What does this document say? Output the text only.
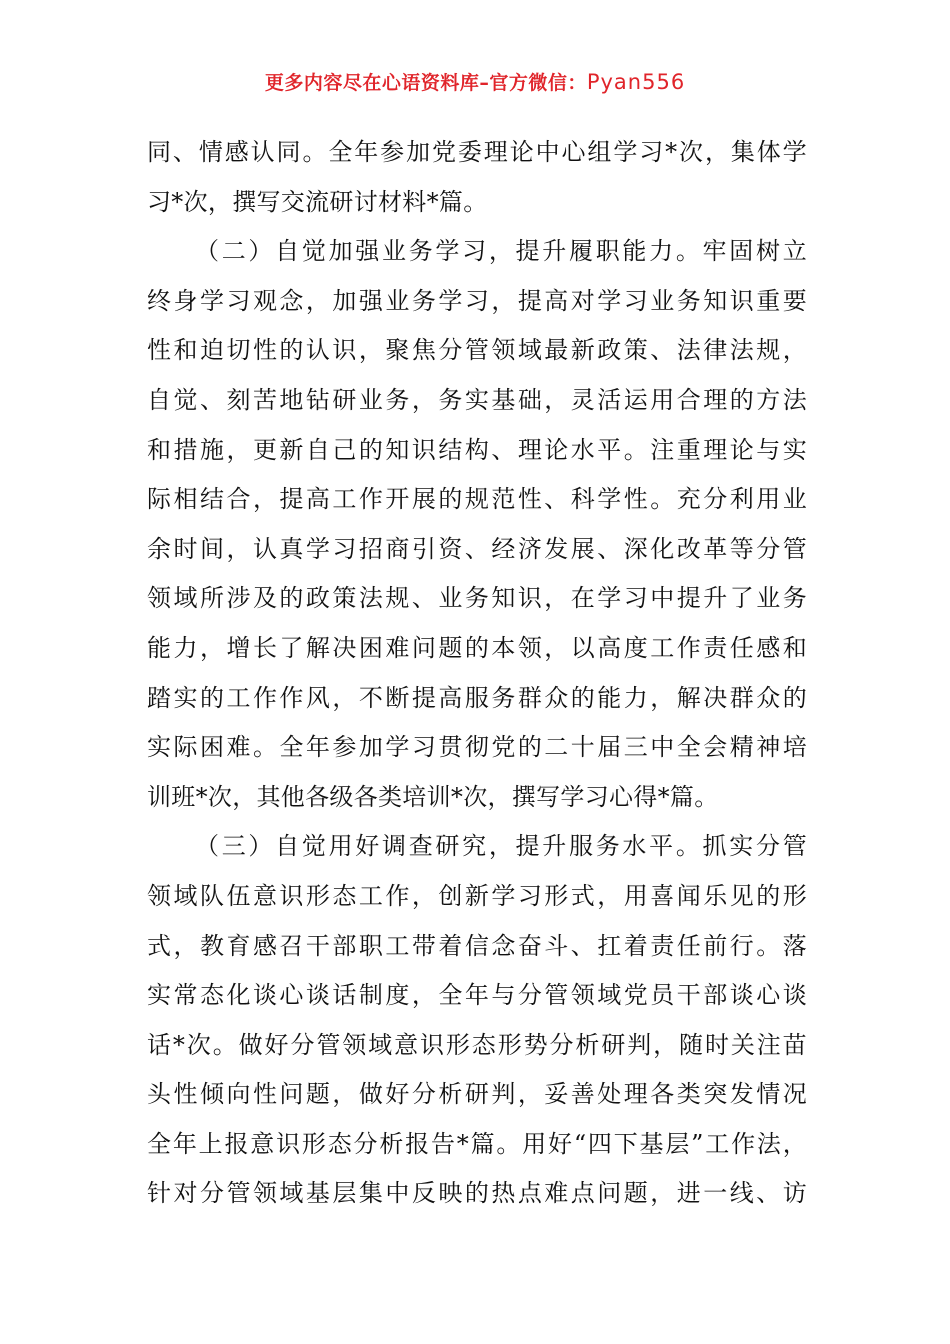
更多内容尽在心语资料库–官方微信：Pyan556
同、情感认同。全年参加党委理论中心组学习*次，集体学
习*次，撰写交流研讨材料*篇。
（二）自觉加强业务学习，提升履职能力。牢固树立
终身学习观念，加强业务学习，提高对学习业务知识重要
性和迫切性的认识，聚焦分管领域最新政策、法律法规，
自觉、刻苦地钻研业务，务实基础，灵活运用合理的方法
和措施，更新自己的知识结构、理论水平。注重理论与实
际相结合，提高工作开展的规范性、科学性。充分利用业
余时间，认真学习招商引资、经济发展、深化改革等分管
领域所涉及的政策法规、业务知识，在学习中提升了业务
能力，增长了解决困难问题的本领，以高度工作责任感和
踏实的工作作风，不断提高服务群众的能力，解决群众的
实际困难。全年参加学习贯彻党的二十届三中全会精神培
训班*次，其他各级各类培训*次，撰写学习心得*篇。
（三）自觉用好调查研究，提升服务水平。抓实分管
领域队伍意识形态工作，创新学习形式，用喜闻乐见的形
式，教育感召干部职工带着信念奋斗、扛着责任前行。落
实常态化谈心谈话制度，全年与分管领域党员干部谈心谈
话*次。做好分管领域意识形态形势分析研判，随时关注苗
头性倾向性问题，做好分析研判，妥善处理各类突发情况
全年上报意识形态分析报告*篇。用好“四下基层”工作法，
针对分管领域基层集中反映的热点难点问题，进一线、访
